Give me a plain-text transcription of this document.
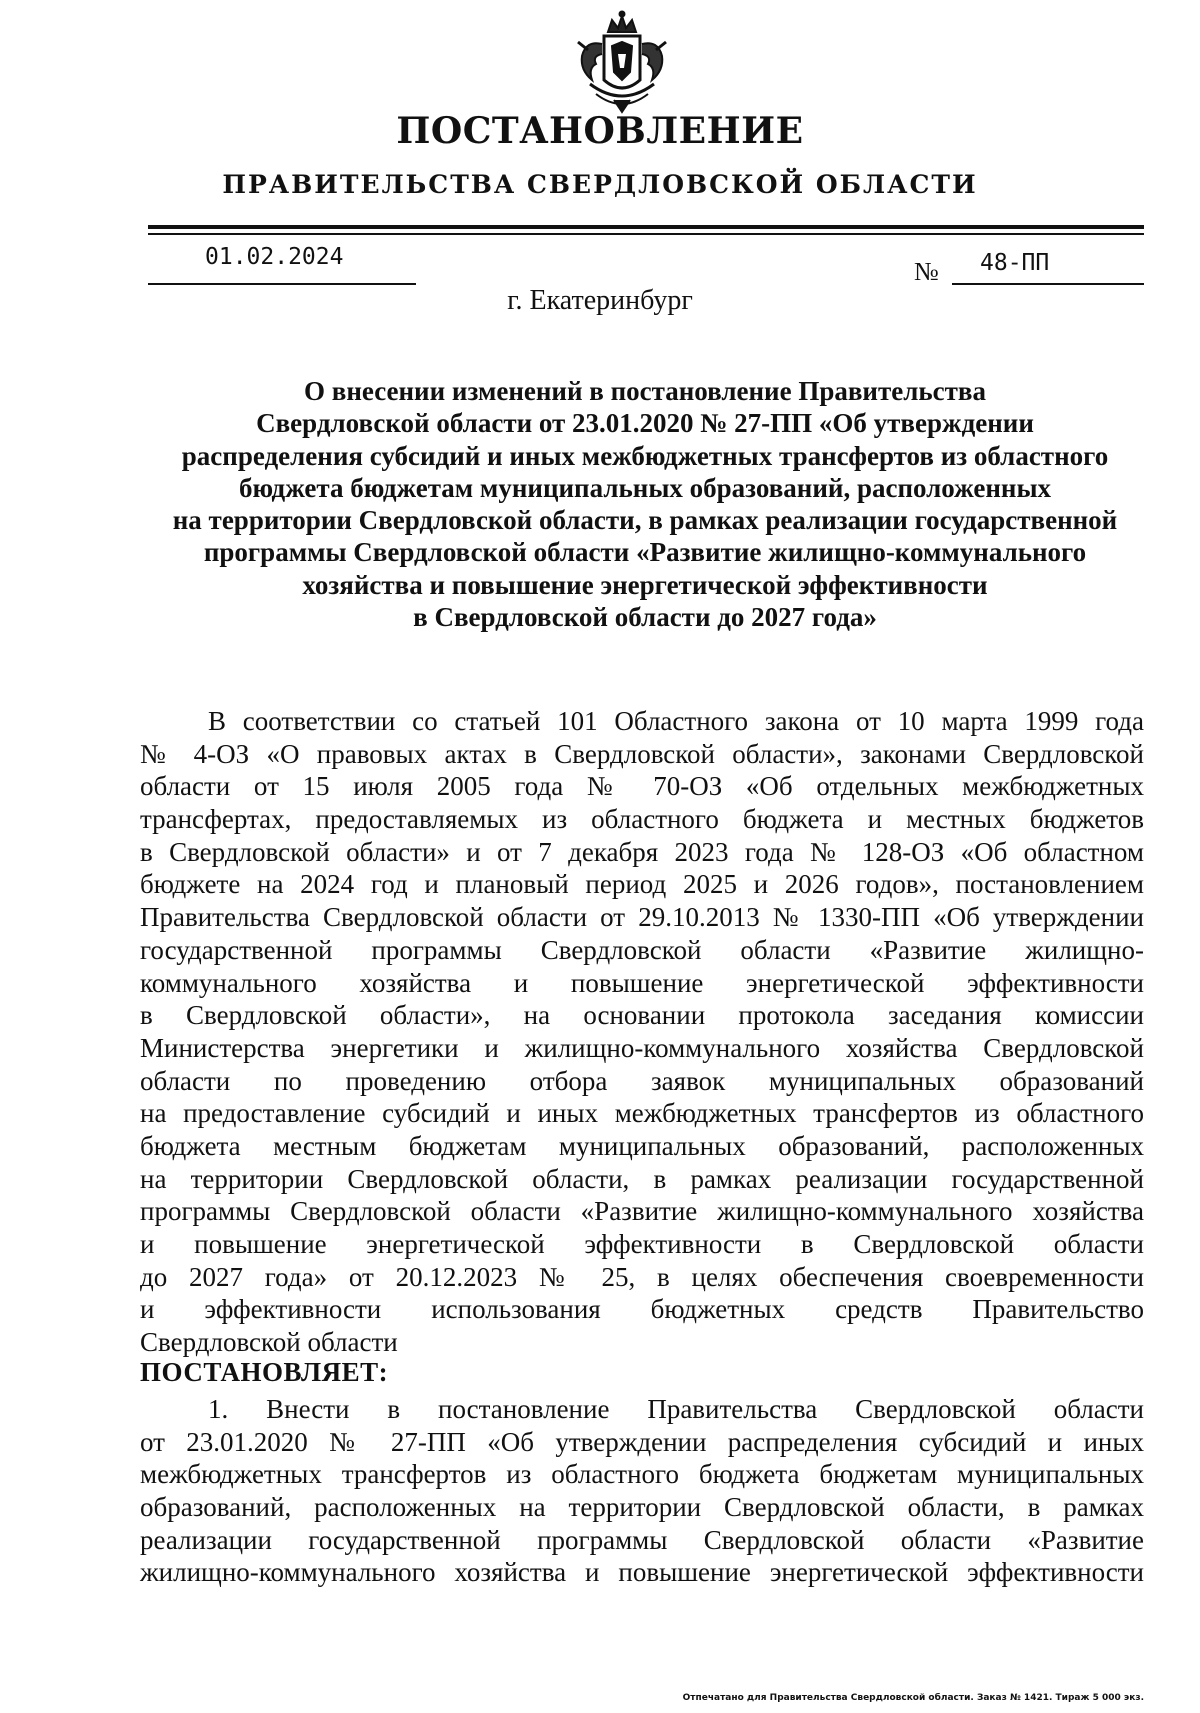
ПОСТАНОВЛЕНИЕ
ПРАВИТЕЛЬСТВА СВЕРДЛОВСКОЙ ОБЛАСТИ
01.02.2024	№ 48-ПП
г. Екатеринбург
О внесении изменений в постановление Правительства
Свердловской области от 23.01.2020 № 27-ПП «Об утверждении
распределения субсидий и иных межбюджетных трансфертов из областного
бюджета бюджетам муниципальных образований, расположенных
на территории Свердловской области, в рамках реализации государственной
программы Свердловской области «Развитие жилищно-коммунального
хозяйства и повышение энергетической эффективности
в Свердловской области до 2027 года»
В соответствии со статьей 101 Областного закона от 10 марта 1999 года
№ 4-ОЗ «О правовых актах в Свердловской области», законами Свердловской
области от 15 июля 2005 года № 70-ОЗ «Об отдельных межбюджетных
трансфертах, предоставляемых из областного бюджета и местных бюджетов
в Свердловской области» и от 7 декабря 2023 года № 128-ОЗ «Об областном
бюджете на 2024 год и плановый период 2025 и 2026 годов», постановлением
Правительства Свердловской области от 29.10.2013 № 1330-ПП «Об утверждении
государственной программы Свердловской области «Развитие жилищно-
коммунального хозяйства и повышение энергетической эффективности
в Свердловской области», на основании протокола заседания комиссии
Министерства энергетики и жилищно-коммунального хозяйства Свердловской
области по проведению отбора заявок муниципальных образований
на предоставление субсидий и иных межбюджетных трансфертов из областного
бюджета местным бюджетам муниципальных образований, расположенных
на территории Свердловской области, в рамках реализации государственной
программы Свердловской области «Развитие жилищно-коммунального хозяйства
и повышение энергетической эффективности в Свердловской области
до 2027 года» от 20.12.2023 № 25, в целях обеспечения своевременности
и эффективности использования бюджетных средств Правительство
Свердловской области
ПОСТАНОВЛЯЕТ:
1. Внести в постановление Правительства Свердловской области
от 23.01.2020 № 27-ПП «Об утверждении распределения субсидий и иных
межбюджетных трансфертов из областного бюджета бюджетам муниципальных
образований, расположенных на территории Свердловской области, в рамках
реализации государственной программы Свердловской области «Развитие
жилищно-коммунального хозяйства и повышение энергетической эффективности
Отпечатано для Правительства Свердловской области. Заказ № 1421. Тираж 5 000 экз.
